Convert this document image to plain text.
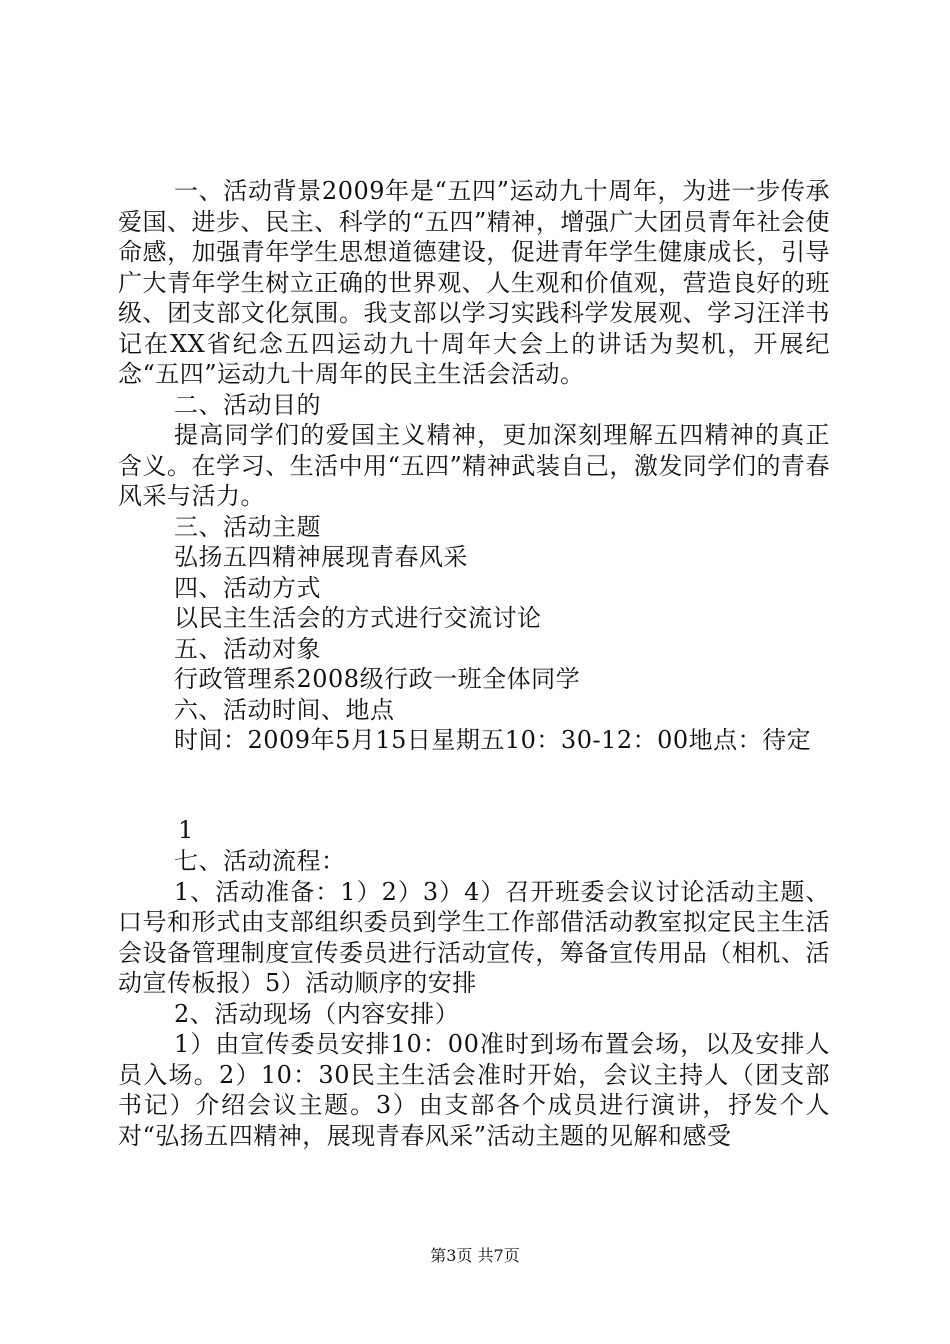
一、活动背景2009年是“五四”运动九十周年，为进一步传承爱国、进步、民主、科学的“五四”精神，增强广大团员青年社会使命感，加强青年学生思想道德建设，促进青年学生健康成长，引导广大青年学生树立正确的世界观、人生观和价值观，营造良好的班级、团支部文化氛围。我支部以学习实践科学发展观、学习汪洋书记在XX省纪念五四运动九十周年大会上的讲话为契机，开展纪念“五四”运动九十周年的民主生活会活动。

二、活动目的

提高同学们的爱国主义精神，更加深刻理解五四精神的真正含义。在学习、生活中用“五四”精神武装自己，激发同学们的青春风采与活力。

三、活动主题

弘扬五四精神展现青春风采

四、活动方式

以民主生活会的方式进行交流讨论

五、活动对象

行政管理系2008级行政一班全体同学

六、活动时间、地点

时间：2009年5月15日星期五10：30-12：00地点：待定

1

七、活动流程：

1、活动准备：1）2）3）4）召开班委会议讨论活动主题、口号和形式由支部组织委员到学生工作部借活动教室拟定民主生活会设备管理制度宣传委员进行活动宣传，筹备宣传用品（相机、活动宣传板报）5）活动顺序的安排

2、活动现场（内容安排）

1）由宣传委员安排10：00准时到场布置会场，以及安排人员入场。2）10：30民主生活会准时开始，会议主持人（团支部书记）介绍会议主题。3）由支部各个成员进行演讲，抒发个人对“弘扬五四精神，展现青春风采”活动主题的见解和感受

第3页 共7页
